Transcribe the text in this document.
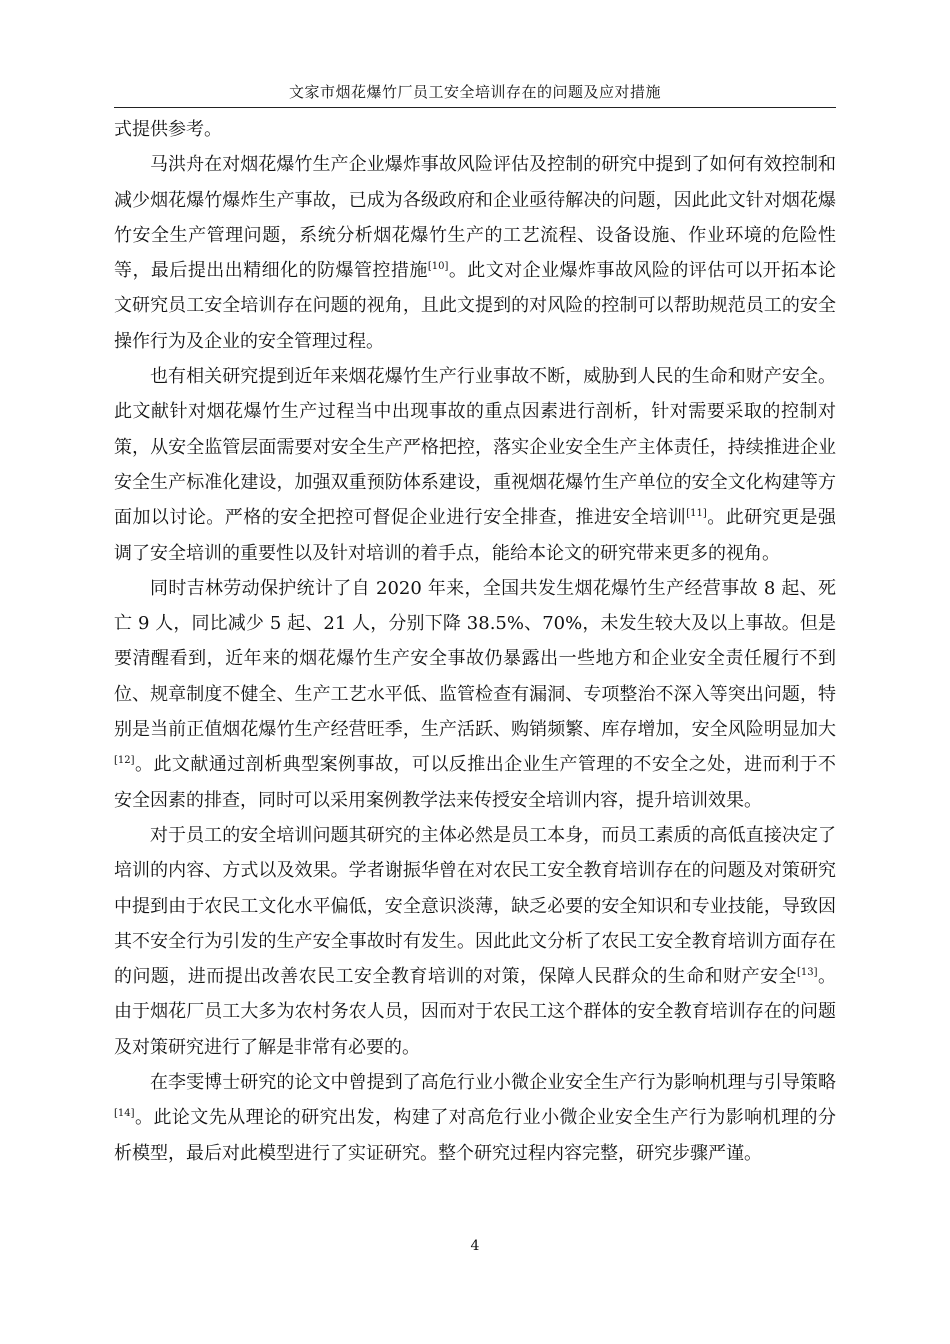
文家市烟花爆竹厂员工安全培训存在的问题及应对措施

式提供参考。

马洪舟在对烟花爆竹生产企业爆炸事故风险评估及控制的研究中提到了如何有效控制和减少烟花爆竹爆炸生产事故，已成为各级政府和企业亟待解决的问题，因此此文针对烟花爆竹安全生产管理问题，系统分析烟花爆竹生产的工艺流程、设备设施、作业环境的危险性等，最后提出出精细化的防爆管控措施[10]。此文对企业爆炸事故风险的评估可以开拓本论文研究员工安全培训存在问题的视角，且此文提到的对风险的控制可以帮助规范员工的安全操作行为及企业的安全管理过程。

也有相关研究提到近年来烟花爆竹生产行业事故不断，威胁到人民的生命和财产安全。此文献针对烟花爆竹生产过程当中出现事故的重点因素进行剖析，针对需要采取的控制对策，从安全监管层面需要对安全生产严格把控，落实企业安全生产主体责任，持续推进企业安全生产标准化建设，加强双重预防体系建设，重视烟花爆竹生产单位的安全文化构建等方面加以讨论。严格的安全把控可督促企业进行安全排查，推进安全培训[11]。此研究更是强调了安全培训的重要性以及针对培训的着手点，能给本论文的研究带来更多的视角。

同时吉林劳动保护统计了自 2020 年来，全国共发生烟花爆竹生产经营事故 8 起、死亡 9 人，同比减少 5 起、21 人，分别下降 38.5%、70%，未发生较大及以上事故。但是要清醒看到，近年来的烟花爆竹生产安全事故仍暴露出一些地方和企业安全责任履行不到位、规章制度不健全、生产工艺水平低、监管检查有漏洞、专项整治不深入等突出问题，特别是当前正值烟花爆竹生产经营旺季，生产活跃、购销频繁、库存增加，安全风险明显加大[12]。此文献通过剖析典型案例事故，可以反推出企业生产管理的不安全之处，进而利于不安全因素的排查，同时可以采用案例教学法来传授安全培训内容，提升培训效果。

对于员工的安全培训问题其研究的主体必然是员工本身，而员工素质的高低直接决定了培训的内容、方式以及效果。学者谢振华曾在对农民工安全教育培训存在的问题及对策研究中提到由于农民工文化水平偏低，安全意识淡薄，缺乏必要的安全知识和专业技能，导致因其不安全行为引发的生产安全事故时有发生。因此此文分析了农民工安全教育培训方面存在的问题，进而提出改善农民工安全教育培训的对策，保障人民群众的生命和财产安全[13]。由于烟花厂员工大多为农村务农人员，因而对于农民工这个群体的安全教育培训存在的问题及对策研究进行了解是非常有必要的。

在李雯博士研究的论文中曾提到了高危行业小微企业安全生产行为影响机理与引导策略[14]。此论文先从理论的研究出发，构建了对高危行业小微企业安全生产行为影响机理的分析模型，最后对此模型进行了实证研究。整个研究过程内容完整，研究步骤严谨。

4
